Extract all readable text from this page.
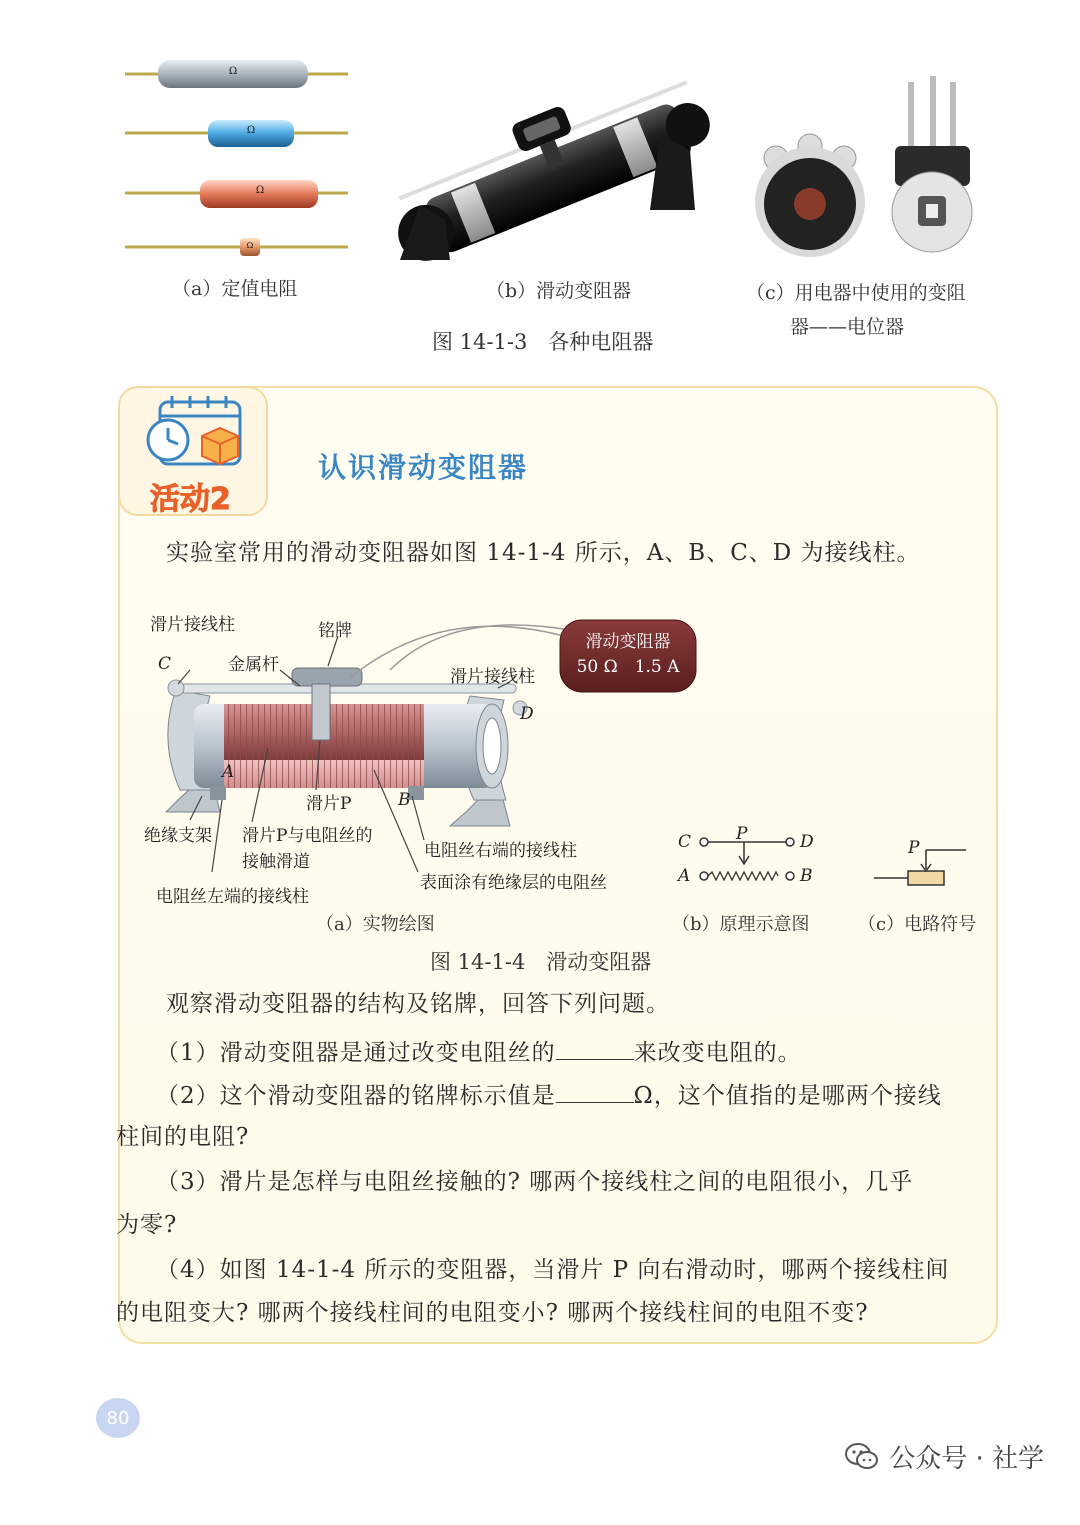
Ω
Ω
Ω
Ω
（a）定值电阻	（b）滑动变阻器	（c）用电器中使用的变阻
器——电位器
图 14-1-3　各种电阻器
活动2
认识滑动变阻器
实验室常用的滑动变阻器如图 14-1-4 所示，A、B、C、D 为接线柱。
滑动变阻器
50 Ω　1.5 A
滑片接线柱
C
铭牌
金属杆
滑片接线柱
D
A
B
滑片P
绝缘支架 滑片P与电阻丝的
接触滑道
电阻丝右端的接线柱
表面涂有绝缘层的电阻丝
电阻丝左端的接线柱
C	P	D
A	B
P
（a）实物绘图	（b）原理示意图	（c）电路符号
图 14-1-4　滑动变阻器
观察滑动变阻器的结构及铭牌，回答下列问题。
（1）滑动变阻器是通过改变电阻丝的	来改变电阻的。
（2）这个滑动变阻器的铭牌标示值是	Ω，这个值指的是哪两个接线
柱间的电阻?
（3）滑片是怎样与电阻丝接触的? 哪两个接线柱之间的电阻很小，几乎
为零?
（4）如图 14-1-4 所示的变阻器，当滑片 P 向右滑动时，哪两个接线柱间
的电阻变大? 哪两个接线柱间的电阻变小? 哪两个接线柱间的电阻不变?
80
公众号 · 社学
